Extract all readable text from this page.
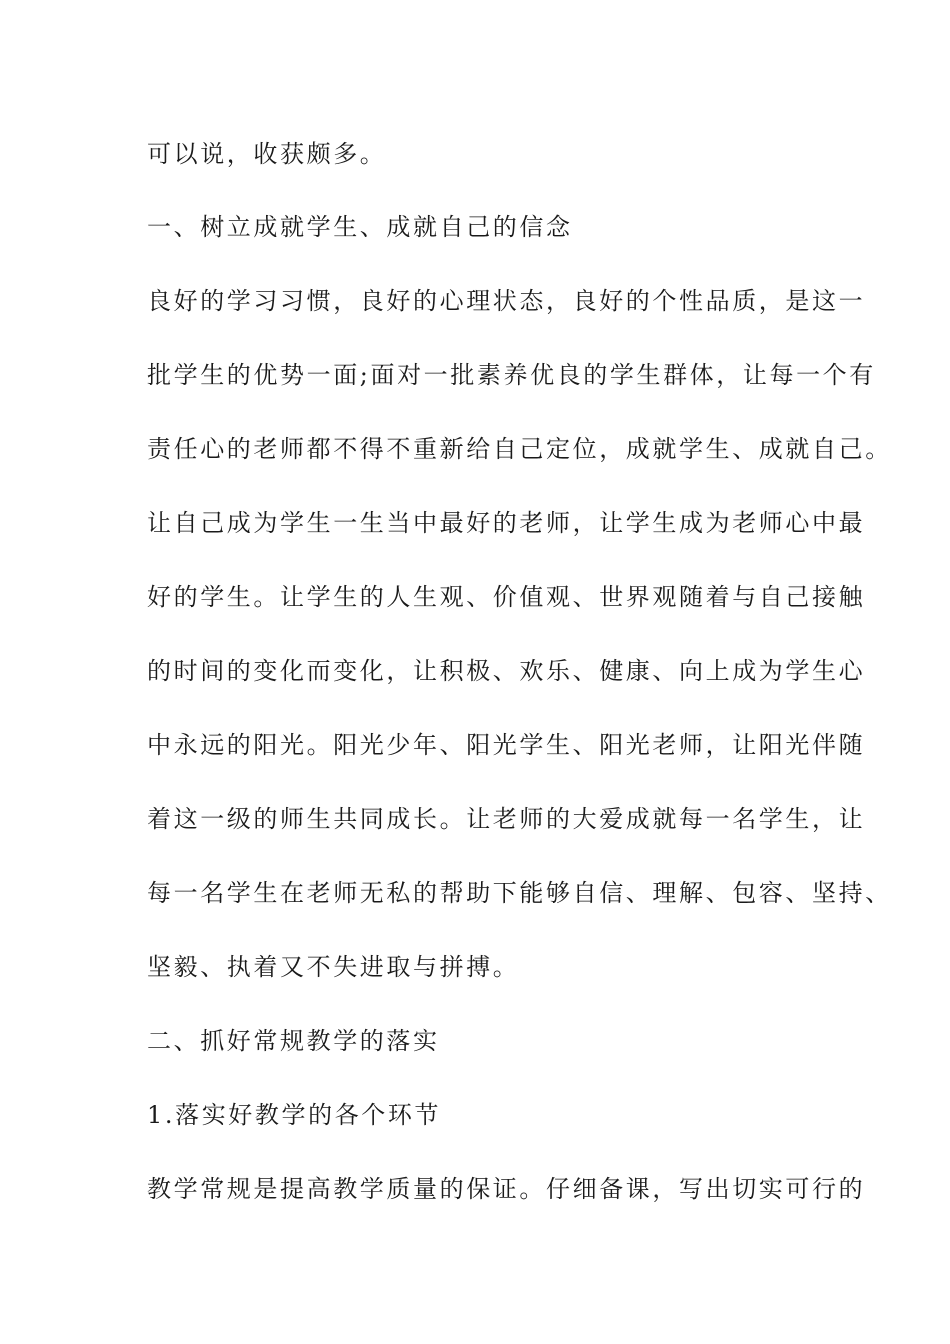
可以说，收获颇多。

一、树立成就学生、成就自己的信念

良好的学习习惯，良好的心理状态，良好的个性品质，是这一

批学生的优势一面;面对一批素养优良的学生群体，让每一个有

责任心的老师都不得不重新给自己定位，成就学生、成就自己。

让自己成为学生一生当中最好的老师，让学生成为老师心中最

好的学生。让学生的人生观、价值观、世界观随着与自己接触

的时间的变化而变化，让积极、欢乐、健康、向上成为学生心

中永远的阳光。阳光少年、阳光学生、阳光老师，让阳光伴随

着这一级的师生共同成长。让老师的大爱成就每一名学生，让

每一名学生在老师无私的帮助下能够自信、理解、包容、坚持、

坚毅、执着又不失进取与拼搏。

二、抓好常规教学的落实

1.落实好教学的各个环节

教学常规是提高教学质量的保证。仔细备课，写出切实可行的
